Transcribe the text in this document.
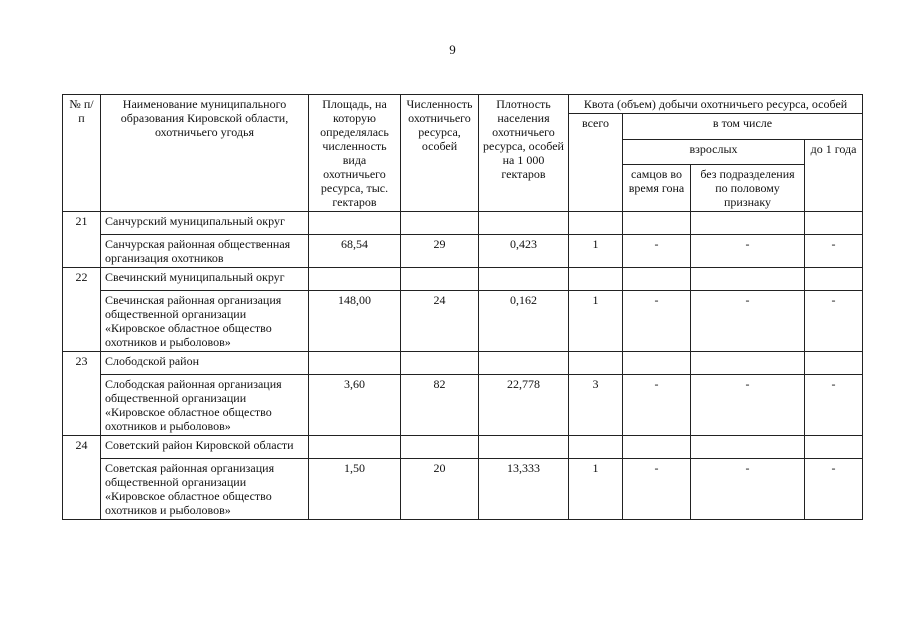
9
№ п/п	Наименование муниципального образования Кировской области, охотничьего угодья	Площадь, на которую определялась численность вида охотничьего ресурса, тыс. гектаров	Численность охотничьего ресурса, особей	Плотность населения охотничьего ресурса, особей на 1 000 гектаров	Квота (объем) добычи охотничьего ресурса, особей			
					всего	в том числе		
						взрослых		до 1 года
						самцов во время гона	без подразделения по половому признаку	
21	Санчурский муниципальный округ							
	Санчурская районная общественная организация охотников	68,54	29	0,423	1	-	-	-
22	Свечинский муниципальный округ							
	Свечинская районная организация общественной организации «Кировское областное общество охотников и рыболовов»	148,00	24	0,162	1	-	-	-
23	Слободской район							
	Слободская районная организация общественной организации «Кировское областное общество охотников и рыболовов»	3,60	82	22,778	3	-	-	-
24	Советский район Кировской области							
	Советская районная организация общественной организации «Кировское областное общество охотников и рыболовов»	1,50	20	13,333	1	-	-	-
